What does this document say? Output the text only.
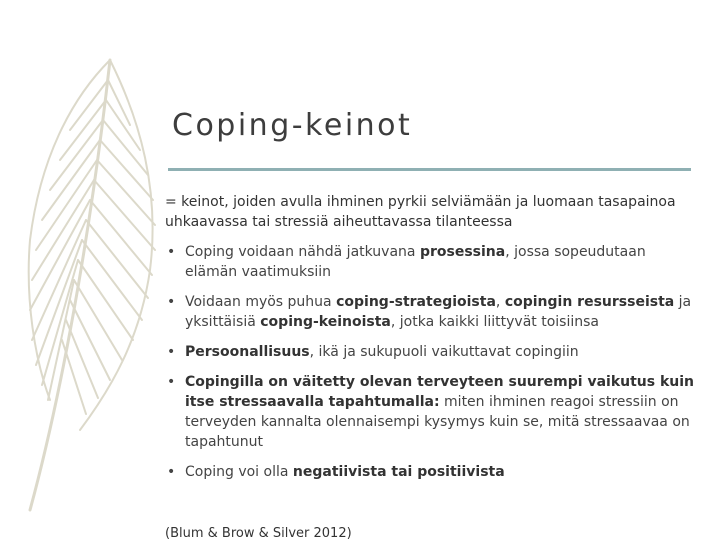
Coping-keinot
= keinot, joiden avulla ihminen pyrkii selviämään ja luomaan tasapainoa uhkaavassa tai stressiä aiheuttavassa tilanteessa
• Coping voidaan nähdä jatkuvana prosessina, jossa sopeudutaan elämän vaatimuksiin
• Voidaan myös puhua coping-strategioista, copingin resursseista ja yksittäisiä coping-keinoista, jotka kaikki liittyvät toisiinsa
• Persoonallisuus, ikä ja sukupuoli vaikuttavat copingiin
• Copingilla on väitetty olevan terveyteen suurempi vaikutus kuin itse stressaavalla tapahtumalla: miten ihminen reagoi stressiin on terveyden kannalta olennaisempi kysymys kuin se, mitä stressaavaa on tapahtunut
• Coping voi olla negatiivista tai positiivista
(Blum & Brow & Silver 2012)
